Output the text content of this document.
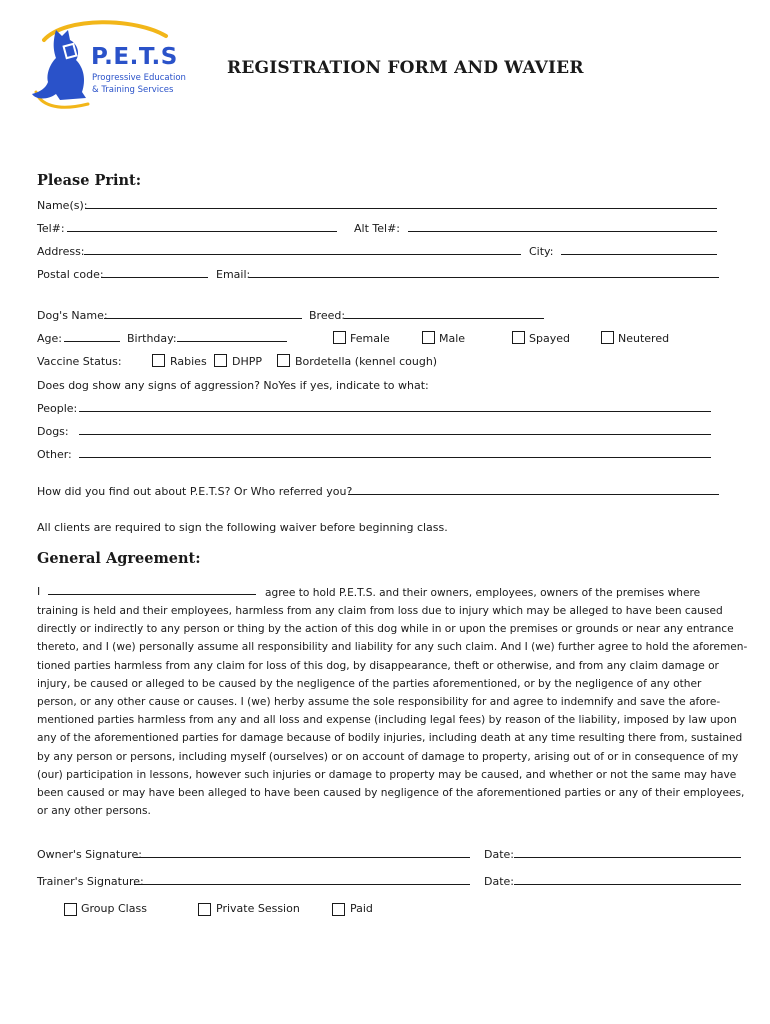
P.E.T.S
Progressive Education
& Training Services
REGISTRATION FORM AND WAVIER
Please Print:
Name(s):
Tel#:	Alt Tel#:
Address:	City:
Postal code:	Email:
Dog's Name:	Breed:
Age:	Birthday:	Female	Male	Spayed	Neutered
Vaccine Status:	Rabies DHPP	Bordetella (kennel cough)
Does dog show any signs of aggression? NoYes if yes, indicate to what:
People:
Dogs:
Other:
How did you find out about P.E.T.S? Or Who referred you?
All clients are required to sign the following waiver before beginning class.
General Agreement:
I	agree to hold P.E.T.S. and their owners, employees, owners of the premises where
training is held and their employees, harmless from any claim from loss due to injury which may be alleged to have been caused
directly or indirectly to any person or thing by the action of this dog while in or upon the premises or grounds or near any entrance
thereto, and I (we) personally assume all responsibility and liability for any such claim. And I (we) further agree to hold the aforemen-
tioned parties harmless from any claim for loss of this dog, by disappearance, theft or otherwise, and from any claim damage or
injury, be caused or alleged to be caused by the negligence of the parties aforementioned, or by the negligence of any other
person, or any other cause or causes. I (we) herby assume the sole responsibility for and agree to indemnify and save the afore-
mentioned parties harmless from any and all loss and expense (including legal fees) by reason of the liability, imposed by law upon
any of the aforementioned parties for damage because of bodily injuries, including death at any time resulting there from, sustained
by any person or persons, including myself (ourselves) or on account of damage to property, arising out of or in consequence of my
(our) participation in lessons, however such injuries or damage to property may be caused, and whether or not the same may have
been caused or may have been alleged to have been caused by negligence of the aforementioned parties or any of their employees,
or any other persons.
Owner's Signature:	Date:
Trainer's Signature:	Date:
Group Class	Private Session	Paid
